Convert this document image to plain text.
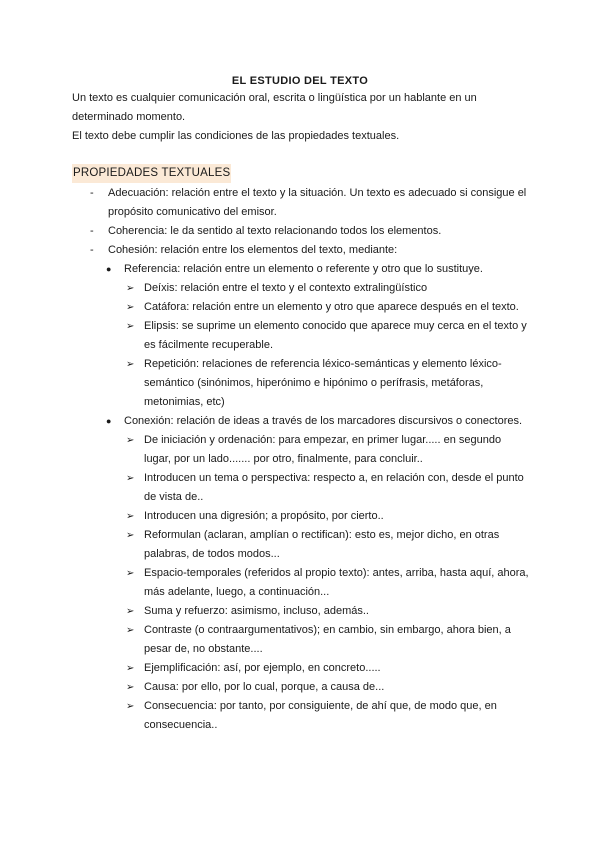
EL ESTUDIO DEL TEXTO

Un texto es cualquier comunicación oral, escrita o lingüística por un hablante en un determinado momento.

El texto debe cumplir las condiciones de las propiedades textuales.

PROPIEDADES TEXTUALES
-	Adecuación: relación entre el texto y la situación. Un texto es adecuado si consigue el propósito comunicativo del emisor.
-	Coherencia: le da sentido al texto relacionando todos los elementos.
-	Cohesión: relación entre los elementos del texto, mediante:
●	Referencia: relación entre un elemento o referente y otro que lo sustituye.
➢ Deíxis: relación entre el texto y el contexto extralingüístico
➢ Catáfora: relación entre un elemento y otro que aparece después en el texto.
➢ Elipsis: se suprime un elemento conocido que aparece muy cerca en el texto y es fácilmente recuperable.
➢ Repetición: relaciones de referencia léxico-semánticas y elemento léxico-semántico (sinónimos, hiperónimo e hipónimo o perífrasis, metáforas, metonimias, etc)
●	Conexión: relación de ideas a través de los marcadores discursivos o conectores.
➢ De iniciación y ordenación: para empezar, en primer lugar..... en segundo lugar, por un lado....... por otro, finalmente, para concluir..
➢ Introducen un tema o perspectiva: respecto a, en relación con, desde el punto de vista de..
➢ Introducen una digresión; a propósito, por cierto..
➢ Reformulan (aclaran, amplían o rectifican): esto es, mejor dicho, en otras palabras, de todos modos...
➢ Espacio-temporales (referidos al propio texto): antes, arriba, hasta aquí, ahora, más adelante, luego, a continuación...
➢ Suma y refuerzo: asimismo, incluso, además..
➢ Contraste (o contraargumentativos); en cambio, sin embargo, ahora bien, a pesar de, no obstante....
➢ Ejemplificación: así, por ejemplo, en concreto.....
➢ Causa: por ello, por lo cual, porque, a causa de...
➢ Consecuencia: por tanto, por consiguiente, de ahí que, de modo que, en consecuencia..
